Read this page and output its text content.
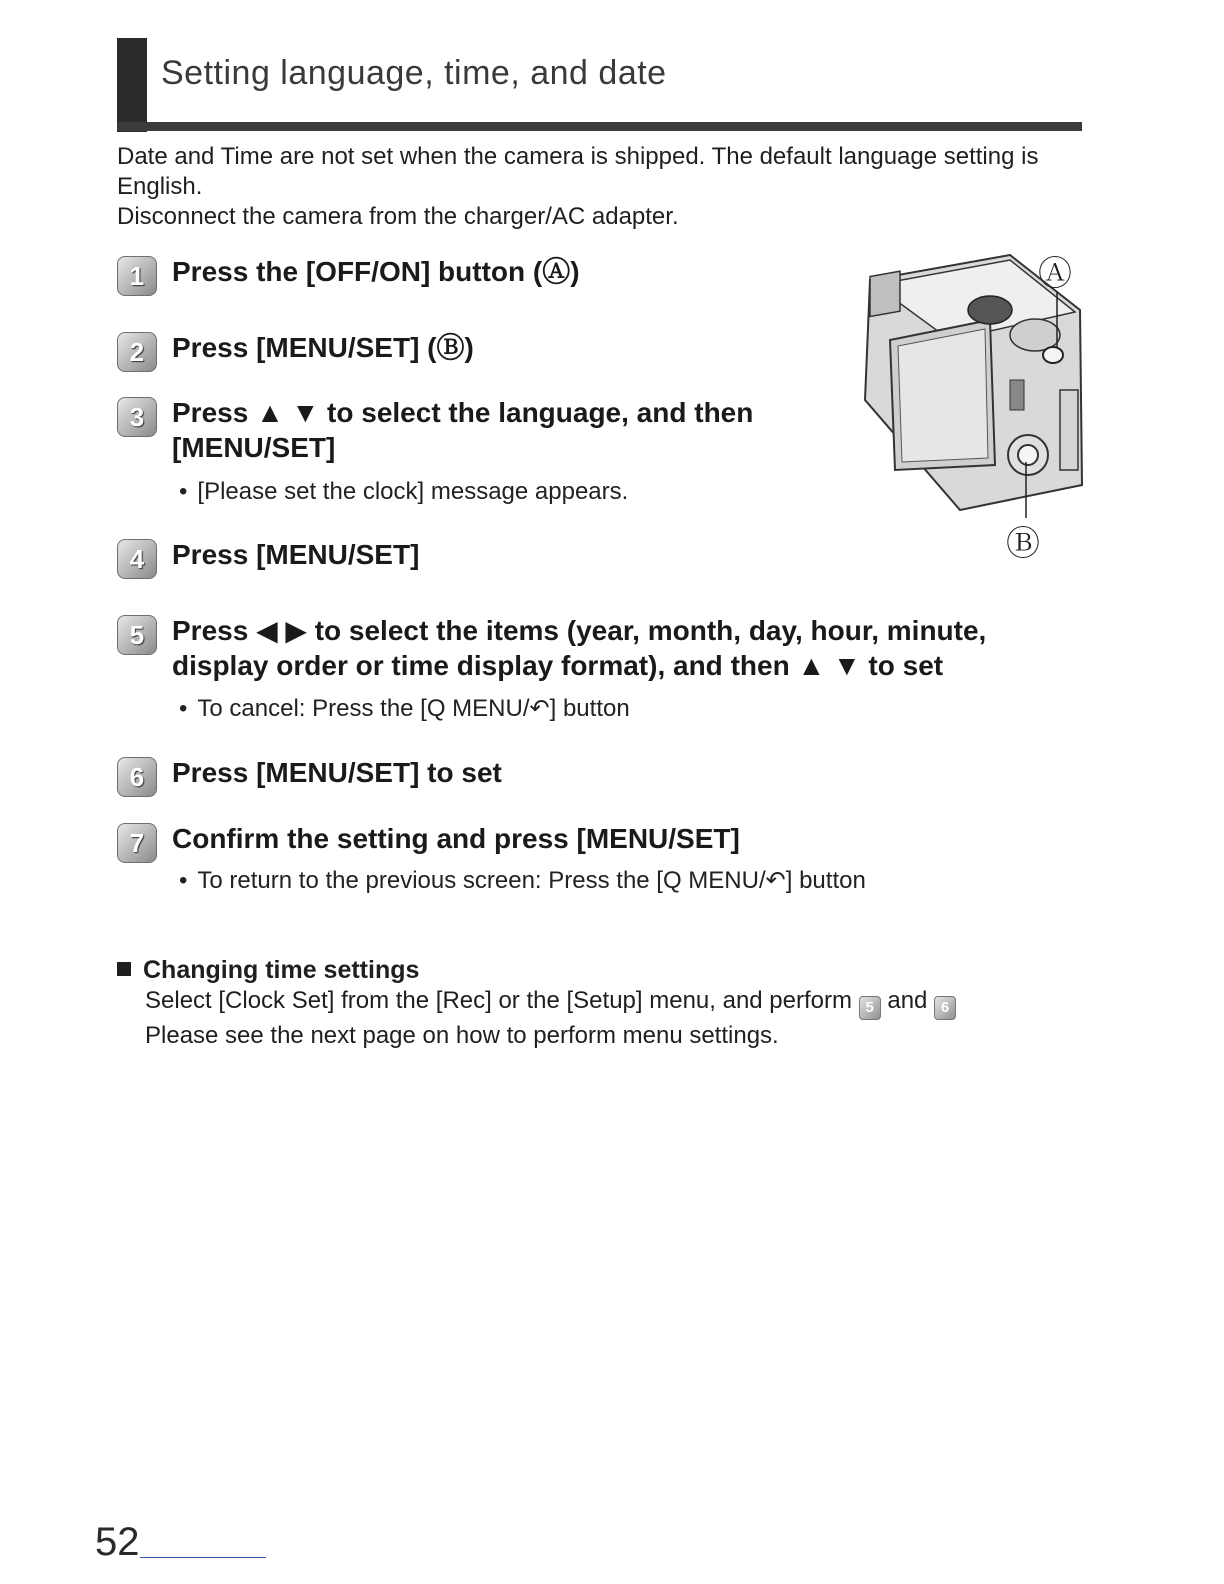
Setting language, time, and date

Date and Time are not set when the camera is shipped. The default language setting is English.

Disconnect the camera from the charger/AC adapter.

1 Press the [OFF/ON] button (Ⓐ)
2 Press [MENU/SET] (Ⓑ)
3 Press ▲ ▼ to select the language, and then
[MENU/SET]
• [Please set the clock] message appears.
4 Press [MENU/SET]
5 Press ◀ ▶ to select the items (year, month, day, hour, minute,
display order or time display format), and then ▲ ▼ to set
• To cancel: Press the [Q MENU/↶] button
6 Press [MENU/SET] to set
7 Confirm the setting and press [MENU/SET]
• To return to the previous screen: Press the [Q MENU/↶] button
Ⓐ
Ⓑ
Changing time settings
Select [Clock Set] from the [Rec] or the [Setup] menu, and perform 5 and 6
Please see the next page on how to perform menu settings.
52
